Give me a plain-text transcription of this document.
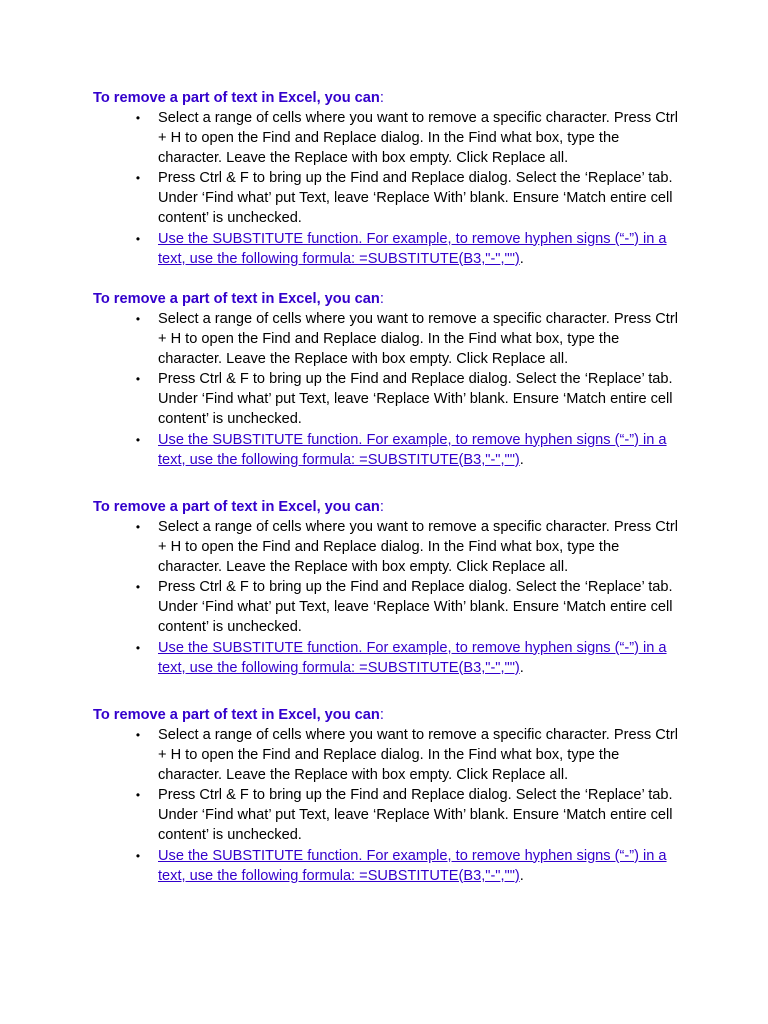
To remove a part of text in Excel, you can:

• Select a range of cells where you want to remove a specific character. Press Ctrl + H to open the Find and Replace dialog. In the Find what box, type the character. Leave the Replace with box empty. Click Replace all.
• Press Ctrl & F to bring up the Find and Replace dialog. Select the ‘Replace’ tab. Under ‘Find what’ put Text, leave ‘Replace With’ blank. Ensure ‘Match entire cell content’ is unchecked.
• Use the SUBSTITUTE function. For example, to remove hyphen signs (“-”) in a text, use the following formula: =SUBSTITUTE(B3,"-","").

To remove a part of text in Excel, you can:

• Select a range of cells where you want to remove a specific character. Press Ctrl + H to open the Find and Replace dialog. In the Find what box, type the character. Leave the Replace with box empty. Click Replace all.
• Press Ctrl & F to bring up the Find and Replace dialog. Select the ‘Replace’ tab. Under ‘Find what’ put Text, leave ‘Replace With’ blank. Ensure ‘Match entire cell content’ is unchecked.
• Use the SUBSTITUTE function. For example, to remove hyphen signs (“-”) in a text, use the following formula: =SUBSTITUTE(B3,"-","").

To remove a part of text in Excel, you can:

• Select a range of cells where you want to remove a specific character. Press Ctrl + H to open the Find and Replace dialog. In the Find what box, type the character. Leave the Replace with box empty. Click Replace all.
• Press Ctrl & F to bring up the Find and Replace dialog. Select the ‘Replace’ tab. Under ‘Find what’ put Text, leave ‘Replace With’ blank. Ensure ‘Match entire cell content’ is unchecked.
• Use the SUBSTITUTE function. For example, to remove hyphen signs (“-”) in a text, use the following formula: =SUBSTITUTE(B3,"-","").

To remove a part of text in Excel, you can:

• Select a range of cells where you want to remove a specific character. Press Ctrl + H to open the Find and Replace dialog. In the Find what box, type the character. Leave the Replace with box empty. Click Replace all.
• Press Ctrl & F to bring up the Find and Replace dialog. Select the ‘Replace’ tab. Under ‘Find what’ put Text, leave ‘Replace With’ blank. Ensure ‘Match entire cell content’ is unchecked.
• Use the SUBSTITUTE function. For example, to remove hyphen signs (“-”) in a text, use the following formula: =SUBSTITUTE(B3,"-","").
